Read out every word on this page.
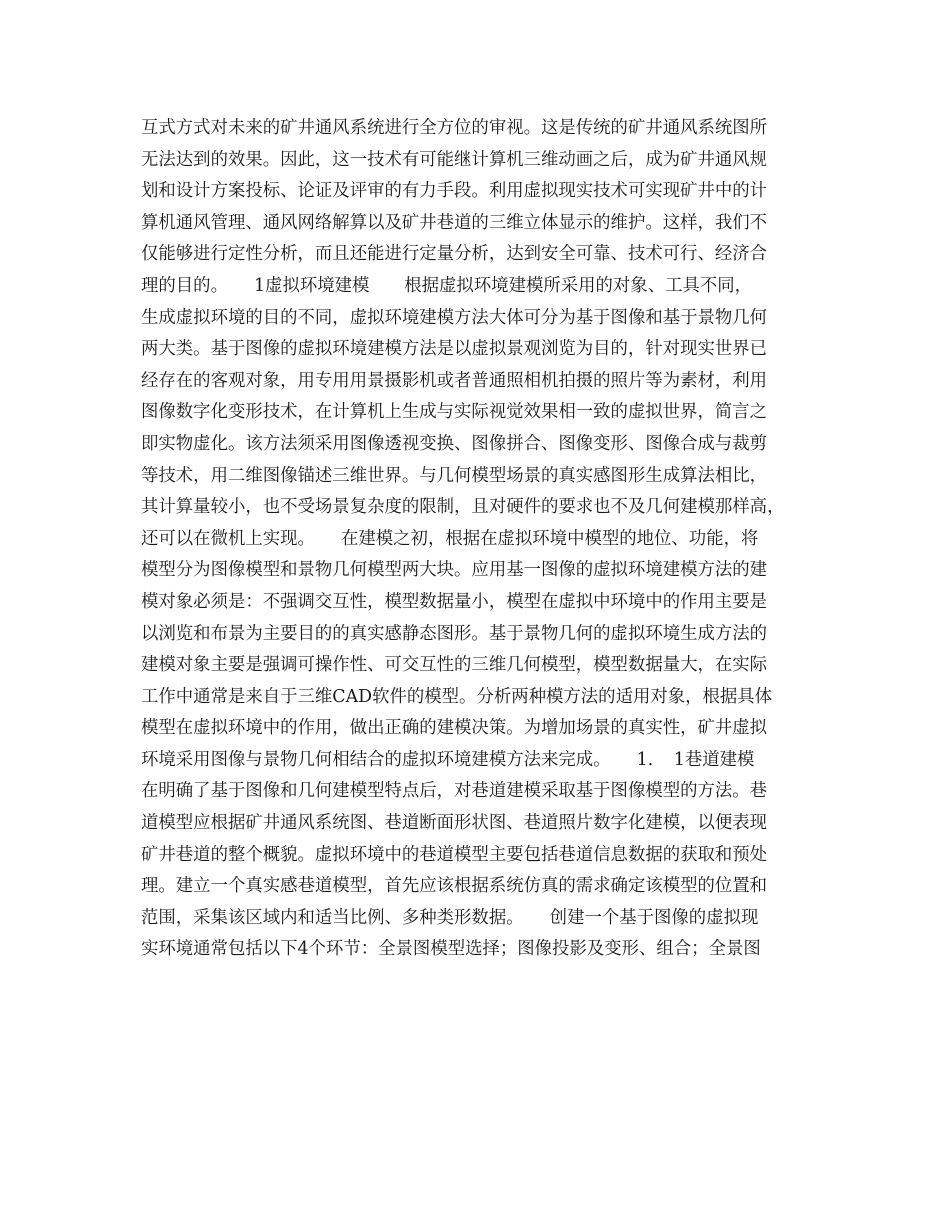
互式方式对未来的矿井通风系统进行全方位的审视。这是传统的矿井通风系统图所
无法达到的效果。因此，这一技术有可能继计算机三维动画之后，成为矿井通风规
划和设计方案投标、论证及评审的有力手段。利用虚拟现实技术可实现矿井中的计
算机通风管理、通风网络解算以及矿井巷道的三维立体显示的维护。这样，我们不
仅能够进行定性分析，而且还能进行定量分析，达到安全可靠、技术可行、经济合
理的目的。　　1虚拟环境建模　　根据虚拟环境建模所采用的对象、工具不同，
生成虚拟环境的目的不同，虚拟环境建模方法大体可分为基于图像和基于景物几何
两大类。基于图像的虚拟环境建模方法是以虚拟景观浏览为目的，针对现实世界已
经存在的客观对象，用专用用景摄影机或者普通照相机拍摄的照片等为素材，利用
图像数字化变形技术，在计算机上生成与实际视觉效果相一致的虚拟世界，简言之
即实物虚化。该方法须采用图像透视变换、图像拼合、图像变形、图像合成与裁剪
等技术，用二维图像锚述三维世界。与几何模型场景的真实感图形生成算法相比，
其计算量较小，也不受场景复杂度的限制，且对硬件的要求也不及几何建模那样高，
还可以在微机上实现。　　在建模之初，根据在虚拟环境中模型的地位、功能，将
模型分为图像模型和景物几何模型两大块。应用基一图像的虚拟环境建模方法的建
模对象必须是：不强调交互性，模型数据量小，模型在虚拟中环境中的作用主要是
以浏览和布景为主要目的的真实感静态图形。基于景物几何的虚拟环境生成方法的
建模对象主要是强调可操作性、可交互性的三维几何模型，模型数据量大，在实际
工作中通常是来自于三维CAD软件的模型。分析两种模方法的适用对象，根据具体
模型在虚拟环境中的作用，做出正确的建模决策。为增加场景的真实性，矿井虚拟
环境采用图像与景物几何相结合的虚拟环境建模方法来完成。　　1．　1巷道建模
在明确了基于图像和几何建模型特点后，对巷道建模采取基于图像模型的方法。巷
道模型应根据矿井通风系统图、巷道断面形状图、巷道照片数字化建模，以便表现
矿井巷道的整个概貌。虚拟环境中的巷道模型主要包括巷道信息数据的获取和预处
理。建立一个真实感巷道模型，首先应该根据系统仿真的需求确定该模型的位置和
范围，采集该区域内和适当比例、多种类形数据。　　创建一个基于图像的虚拟现
实环境通常包括以下4个环节：全景图模型选择；图像投影及变形、组合；全景图
